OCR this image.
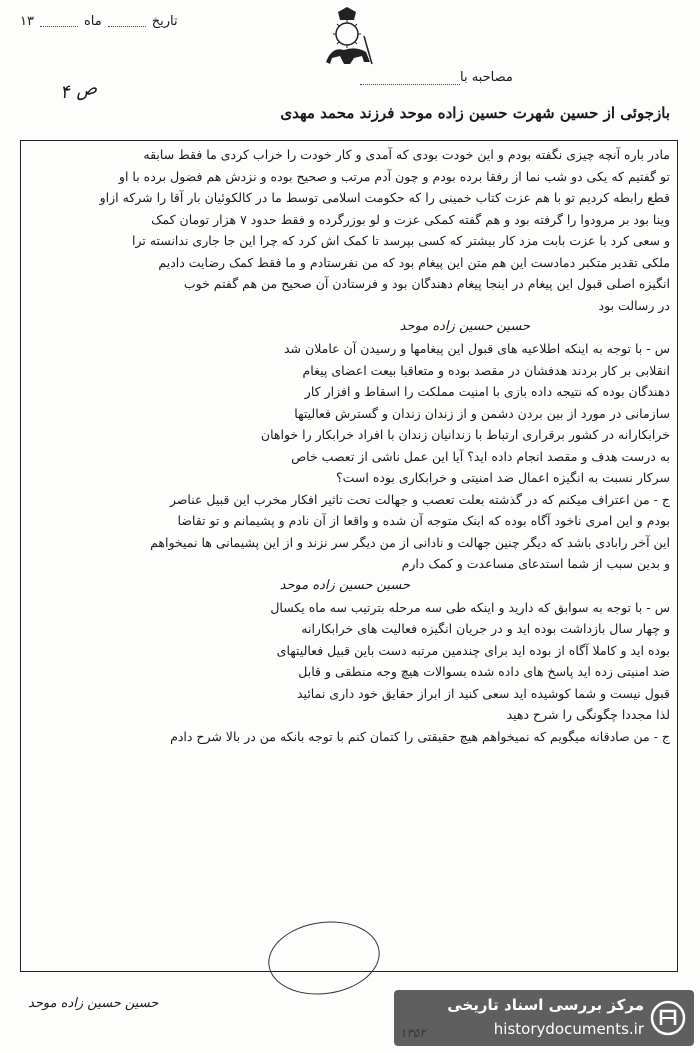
تاریخ
ماه
۱۳
مصاحبه با
ص ۴
بازجوئی از حسین شهرت حسین زاده موحد فرزند محمد مهدی
مادر باره آنچه چیزی نگفته بودم و این خودت بودی که آمدی و کار خودت را خراب کردی ما فقط سابقه
تو گفتیم که یکی دو شب نما از رفقا برده بودم و چون آدم مرتب و صحیح بوده و نزدش هم فضول برده با او
قطع رابطه کردیم تو با هم عزت کتاب خمینی را که حکومت اسلامی توسط ما در کالکوئیان بار آقا را شرکه ازاو
وینا بود بر مرودوا را گرفته بود و هم گفته کمکی عزت و لو بوزرگرده و فقط حدود ۷ هزار تومان کمک
و سعی کرد با عزت بابت مزد کار بیشتر که کسی بپرسد تا کمک اش کرد که چرا این جا جاری ندانسته ترا
ملکی تقدیر متکبر دمادست این هم متن این پیغام بود که من نفرستادم و ما فقط کمک رضایت دادیم
انگیزه اصلی قبول این پیغام در اینجا پیغام دهندگان بود و فرستادن آن صحیح من هم گفتم خوب
در رسالت بود
حسین حسین زاده موحد
س - با توجه به اینکه اطلاعیه های قبول این پیغامها و رسیدن آن عاملان شد
انقلابی بر کار بردند هدفشان در مقصد بوده و متعاقبا بیعت اعضای پیغام
دهندگان بوده که نتیجه داده بازی با امنیت مملکت را اسقاط و افزار کار
سازمانی در مورد از بین بردن دشمن و از زندان زندان و گسترش فعالیتها
خرابکارانه در کشور برقراری ارتباط با زندانیان زندان با افراد خرابکار را خواهان
به درست هدف و مقصد انجام داده اید؟ آیا این عمل ناشی از تعصب خاص
سرکار نسبت به انگیزه اعمال ضد امنیتی و خرابکاری بوده است؟
ج - من اعتراف میکنم که در گذشته بعلت تعصب و جهالت تحت تاثیر افکار مخرب این قبیل عناصر
بودم و این امری ناخود آگاه بوده که اینک متوجه آن شده و واقعا از آن نادم و پشیمانم و تو تقاضا
این آخر رابادی باشد که دیگر چنین جهالت و نادانی از من دیگر سر نزند و از این پشیمانی ها نمیخواهم
و بدین سبب از شما استدعای مساعدت و کمک دارم
حسین حسین زاده موحد
س - با توجه به سوابق که دارید و اینکه طی سه مرحله بترتیب سه ماه یکسال
و چهار سال بازداشت بوده اید و در جریان انگیزه فعالیت های خرابکارانه
بوده اید و کاملا آگاه از بوده اید برای چندمین مرتبه دست باین قبیل فعالیتهای
ضد امنیتی زده اید پاسخ های داده شده بسوالات هیچ وجه منطقی و قابل
قبول نیست و شما کوشیده اید سعی کنید از ابراز حقایق خود داری نمائید
لذا مجددا چگونگی را شرح دهید
ج - من صادقانه میگویم که نمیخواهم هیچ حقیقتی را کتمان کنم با توجه بانکه من در بالا شرح دادم
حسین حسین زاده موحد	مرکز بررسی اسناد تاریخی
historydocuments.ir
